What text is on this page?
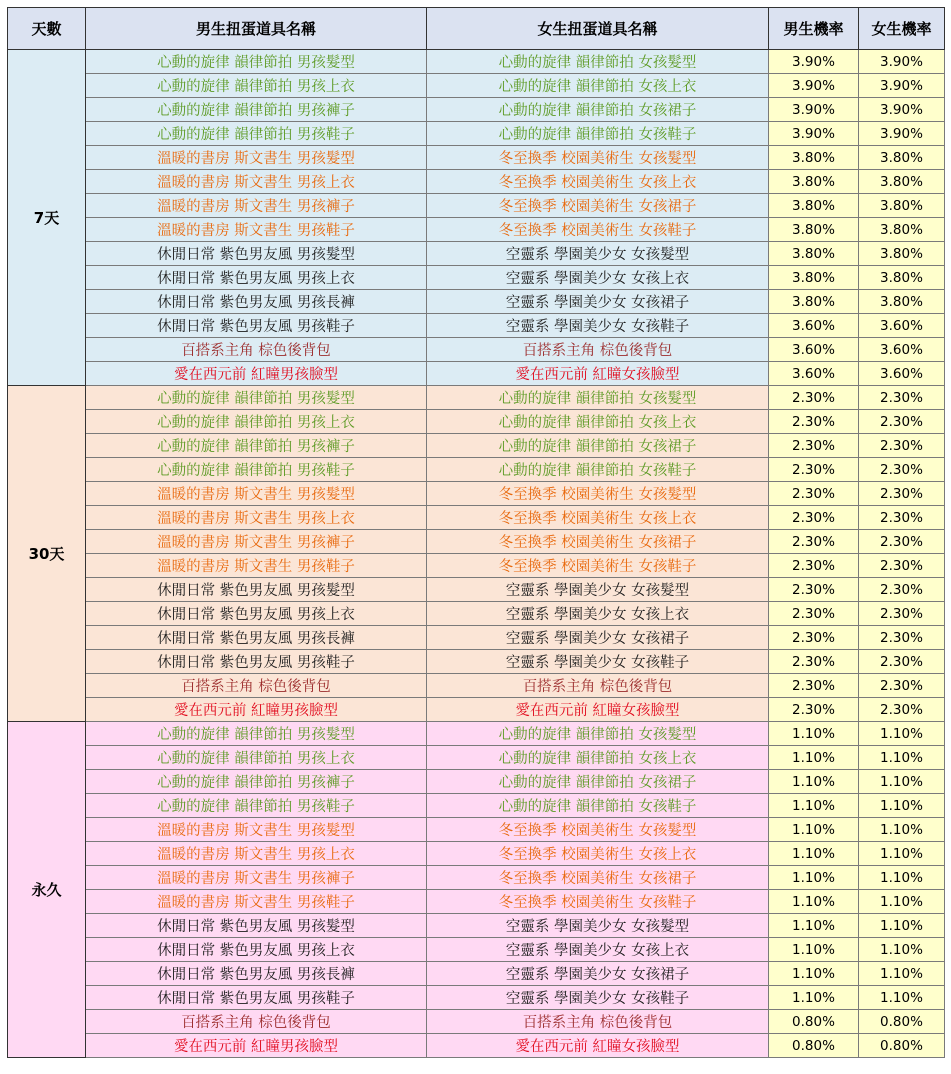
天數	男生扭蛋道具名稱	女生扭蛋道具名稱	男生機率	女生機率
7天	心動的旋律 韻律節拍 男孩髮型	心動的旋律 韻律節拍 女孩髮型	3.90%	3.90%
	心動的旋律 韻律節拍 男孩上衣	心動的旋律 韻律節拍 女孩上衣	3.90%	3.90%
	心動的旋律 韻律節拍 男孩褲子	心動的旋律 韻律節拍 女孩裙子	3.90%	3.90%
	心動的旋律 韻律節拍 男孩鞋子	心動的旋律 韻律節拍 女孩鞋子	3.90%	3.90%
	溫暖的書房 斯文書生 男孩髮型	冬至換季 校園美術生 女孩髮型	3.80%	3.80%
	溫暖的書房 斯文書生 男孩上衣	冬至換季 校園美術生 女孩上衣	3.80%	3.80%
	溫暖的書房 斯文書生 男孩褲子	冬至換季 校園美術生 女孩裙子	3.80%	3.80%
	溫暖的書房 斯文書生 男孩鞋子	冬至換季 校園美術生 女孩鞋子	3.80%	3.80%
	休閒日常 紫色男友風 男孩髮型	空靈系 學園美少女 女孩髮型	3.80%	3.80%
	休閒日常 紫色男友風 男孩上衣	空靈系 學園美少女 女孩上衣	3.80%	3.80%
	休閒日常 紫色男友風 男孩長褲	空靈系 學園美少女 女孩裙子	3.80%	3.80%
	休閒日常 紫色男友風 男孩鞋子	空靈系 學園美少女 女孩鞋子	3.60%	3.60%
	百搭系主角 棕色後背包	百搭系主角 棕色後背包	3.60%	3.60%
	愛在西元前 紅瞳男孩臉型	愛在西元前 紅瞳女孩臉型	3.60%	3.60%
30天	心動的旋律 韻律節拍 男孩髮型	心動的旋律 韻律節拍 女孩髮型	2.30%	2.30%
	心動的旋律 韻律節拍 男孩上衣	心動的旋律 韻律節拍 女孩上衣	2.30%	2.30%
	心動的旋律 韻律節拍 男孩褲子	心動的旋律 韻律節拍 女孩裙子	2.30%	2.30%
	心動的旋律 韻律節拍 男孩鞋子	心動的旋律 韻律節拍 女孩鞋子	2.30%	2.30%
	溫暖的書房 斯文書生 男孩髮型	冬至換季 校園美術生 女孩髮型	2.30%	2.30%
	溫暖的書房 斯文書生 男孩上衣	冬至換季 校園美術生 女孩上衣	2.30%	2.30%
	溫暖的書房 斯文書生 男孩褲子	冬至換季 校園美術生 女孩裙子	2.30%	2.30%
	溫暖的書房 斯文書生 男孩鞋子	冬至換季 校園美術生 女孩鞋子	2.30%	2.30%
	休閒日常 紫色男友風 男孩髮型	空靈系 學園美少女 女孩髮型	2.30%	2.30%
	休閒日常 紫色男友風 男孩上衣	空靈系 學園美少女 女孩上衣	2.30%	2.30%
	休閒日常 紫色男友風 男孩長褲	空靈系 學園美少女 女孩裙子	2.30%	2.30%
	休閒日常 紫色男友風 男孩鞋子	空靈系 學園美少女 女孩鞋子	2.30%	2.30%
	百搭系主角 棕色後背包	百搭系主角 棕色後背包	2.30%	2.30%
	愛在西元前 紅瞳男孩臉型	愛在西元前 紅瞳女孩臉型	2.30%	2.30%
永久	心動的旋律 韻律節拍 男孩髮型	心動的旋律 韻律節拍 女孩髮型	1.10%	1.10%
	心動的旋律 韻律節拍 男孩上衣	心動的旋律 韻律節拍 女孩上衣	1.10%	1.10%
	心動的旋律 韻律節拍 男孩褲子	心動的旋律 韻律節拍 女孩裙子	1.10%	1.10%
	心動的旋律 韻律節拍 男孩鞋子	心動的旋律 韻律節拍 女孩鞋子	1.10%	1.10%
	溫暖的書房 斯文書生 男孩髮型	冬至換季 校園美術生 女孩髮型	1.10%	1.10%
	溫暖的書房 斯文書生 男孩上衣	冬至換季 校園美術生 女孩上衣	1.10%	1.10%
	溫暖的書房 斯文書生 男孩褲子	冬至換季 校園美術生 女孩裙子	1.10%	1.10%
	溫暖的書房 斯文書生 男孩鞋子	冬至換季 校園美術生 女孩鞋子	1.10%	1.10%
	休閒日常 紫色男友風 男孩髮型	空靈系 學園美少女 女孩髮型	1.10%	1.10%
	休閒日常 紫色男友風 男孩上衣	空靈系 學園美少女 女孩上衣	1.10%	1.10%
	休閒日常 紫色男友風 男孩長褲	空靈系 學園美少女 女孩裙子	1.10%	1.10%
	休閒日常 紫色男友風 男孩鞋子	空靈系 學園美少女 女孩鞋子	1.10%	1.10%
	百搭系主角 棕色後背包	百搭系主角 棕色後背包	0.80%	0.80%
	愛在西元前 紅瞳男孩臉型	愛在西元前 紅瞳女孩臉型	0.80%	0.80%
